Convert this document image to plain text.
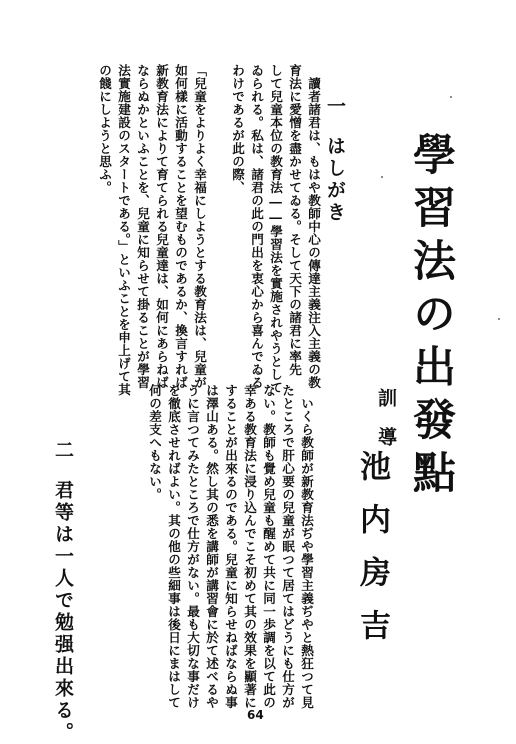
學習法の出發點
訓導
池内房吉
一はしがき
　讀者諸君は、もはや教師中心の傳達主義注入主義の教
育法に愛憎を盡かせてゐる。そして天下の諸君に率先
して兒童本位の教育法――學習法を實施されやうとして
ゐられる。私は、諸君の此の門出を衷心から喜んでゐる
わけであるが此の際、
「兒童をよりよく幸福にしようとする教育法は、兒童が
如何樣に活動することを望むものであるか、換言すれば
新教育法によりて育てられる兒童達は、如何にあらねば
ならぬかといふことを、兒童に知らせて掛ることが學習
法實施建設のスタートである。」といふことを申上げて其
の餞にしようと思ふ。
　いくら教師が新教育法ぢや學習主義ぢやと熱狂つて見
たところで肝心要の兒童が眠つて居てはどうにも仕方が
ない。教師も覺め兒童も醒めて共に同一歩調を以て此の
幸ある教育法に浸り込んでこそ初めて其の效果を顯著に
することが出來るのである。兒童に知らせねばならぬ事
は澤山ある。然し其の悉を講師が講習會に於て述べるや
うに言つてみたところで仕方がない。最も大切な事だけ
を徹底させればよい。其の他の些細事は後日にまはして
何の差支へもない。
二君等は一人で勉强出來る。	64
